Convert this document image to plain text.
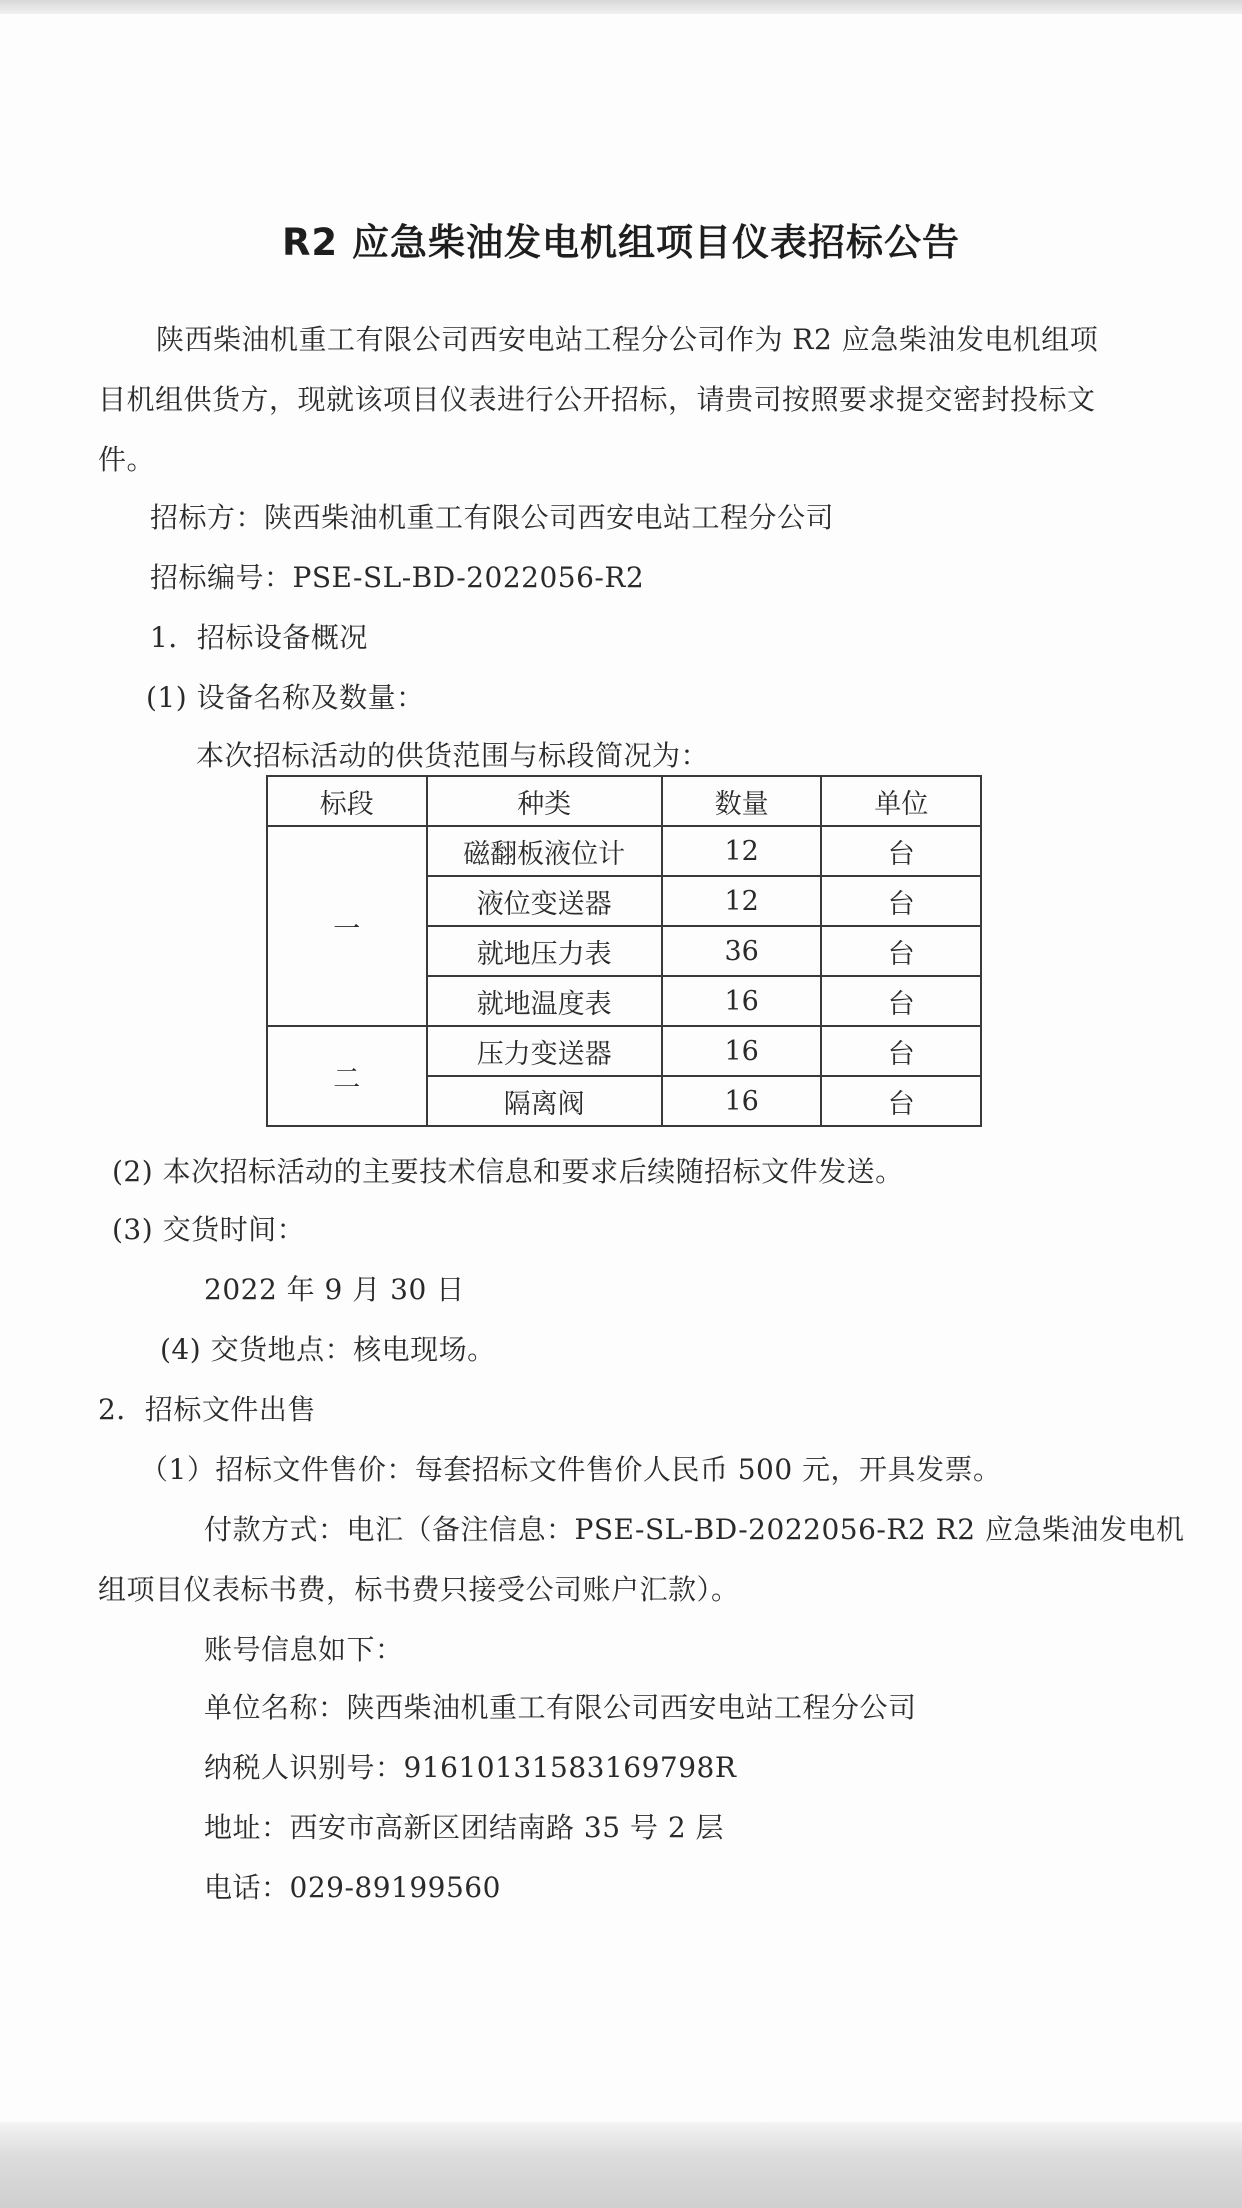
R2 应急柴油发电机组项目仪表招标公告
陕西柴油机重工有限公司西安电站工程分公司作为 R2 应急柴油发电机组项
目机组供货方，现就该项目仪表进行公开招标，请贵司按照要求提交密封投标文
件。
招标方：陕西柴油机重工有限公司西安电站工程分公司
招标编号：PSE-SL-BD-2022056-R2
1．招标设备概况
(1) 设备名称及数量：
本次招标活动的供货范围与标段简况为：
标段	种类	数量	单位
一	磁翻板液位计	12	台
	液位变送器	12	台
	就地压力表	36	台
	就地温度表	16	台
二	压力变送器	16	台
	隔离阀	16	台
(2) 本次招标活动的主要技术信息和要求后续随招标文件发送。
(3) 交货时间：
2022 年 9 月 30 日
(4) 交货地点：核电现场。
2．招标文件出售
（1）招标文件售价：每套招标文件售价人民币 500 元，开具发票。
付款方式：电汇（备注信息：PSE-SL-BD-2022056-R2 R2 应急柴油发电机
组项目仪表标书费，标书费只接受公司账户汇款）。
账号信息如下：
单位名称：陕西柴油机重工有限公司西安电站工程分公司
纳税人识别号：91610131583169798R
地址：西安市高新区团结南路 35 号 2 层
电话：029-89199560
